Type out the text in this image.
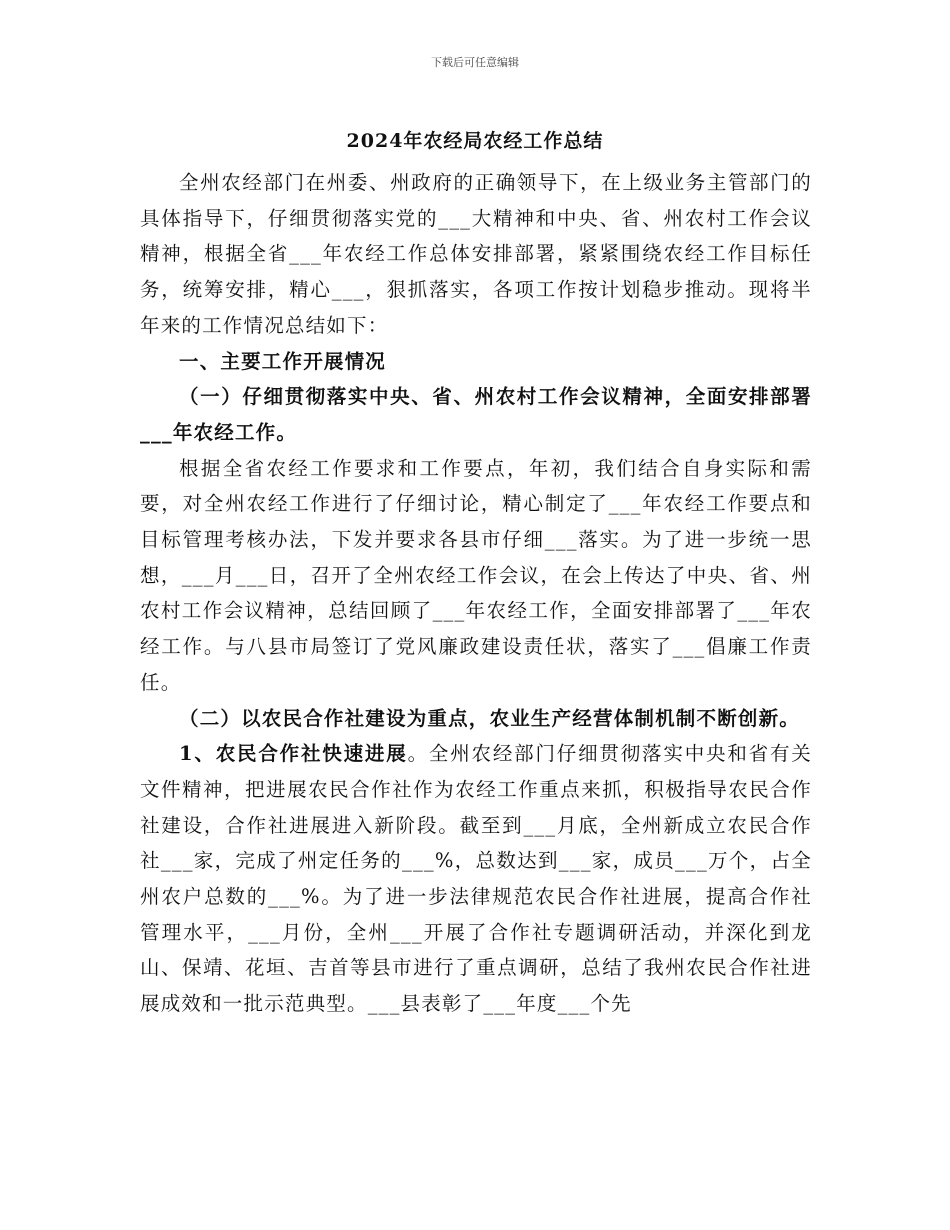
下载后可任意编辑
2024年农经局农经工作总结

全州农经部门在州委、州政府的正确领导下，在上级业务主管部门的具体指导下，仔细贯彻落实党的___大精神和中央、省、州农村工作会议精神，根据全省___年农经工作总体安排部署，紧紧围绕农经工作目标任务，统筹安排，精心___，狠抓落实，各项工作按计划稳步推动。现将半年来的工作情况总结如下：

一、主要工作开展情况

（一）仔细贯彻落实中央、省、州农村工作会议精神，全面安排部署___年农经工作。

根据全省农经工作要求和工作要点，年初，我们结合自身实际和需要，对全州农经工作进行了仔细讨论，精心制定了___年农经工作要点和目标管理考核办法，下发并要求各县市仔细___落实。为了进一步统一思想，___月___日，召开了全州农经工作会议，在会上传达了中央、省、州农村工作会议精神，总结回顾了___年农经工作，全面安排部署了___年农经工作。与八县市局签订了党风廉政建设责任状，落实了___倡廉工作责任。

（二）以农民合作社建设为重点，农业生产经营体制机制不断创新。

1、农民合作社快速进展。全州农经部门仔细贯彻落实中央和省有关文件精神，把进展农民合作社作为农经工作重点来抓，积极指导农民合作社建设，合作社进展进入新阶段。截至到___月底，全州新成立农民合作社___家，完成了州定任务的___%，总数达到___家，成员___万个，占全州农户总数的___%。为了进一步法律规范农民合作社进展，提高合作社管理水平，___月份，全州___开展了合作社专题调研活动，并深化到龙山、保靖、花垣、吉首等县市进行了重点调研，总结了我州农民合作社进展成效和一批示范典型。___县表彰了___年度___个先
